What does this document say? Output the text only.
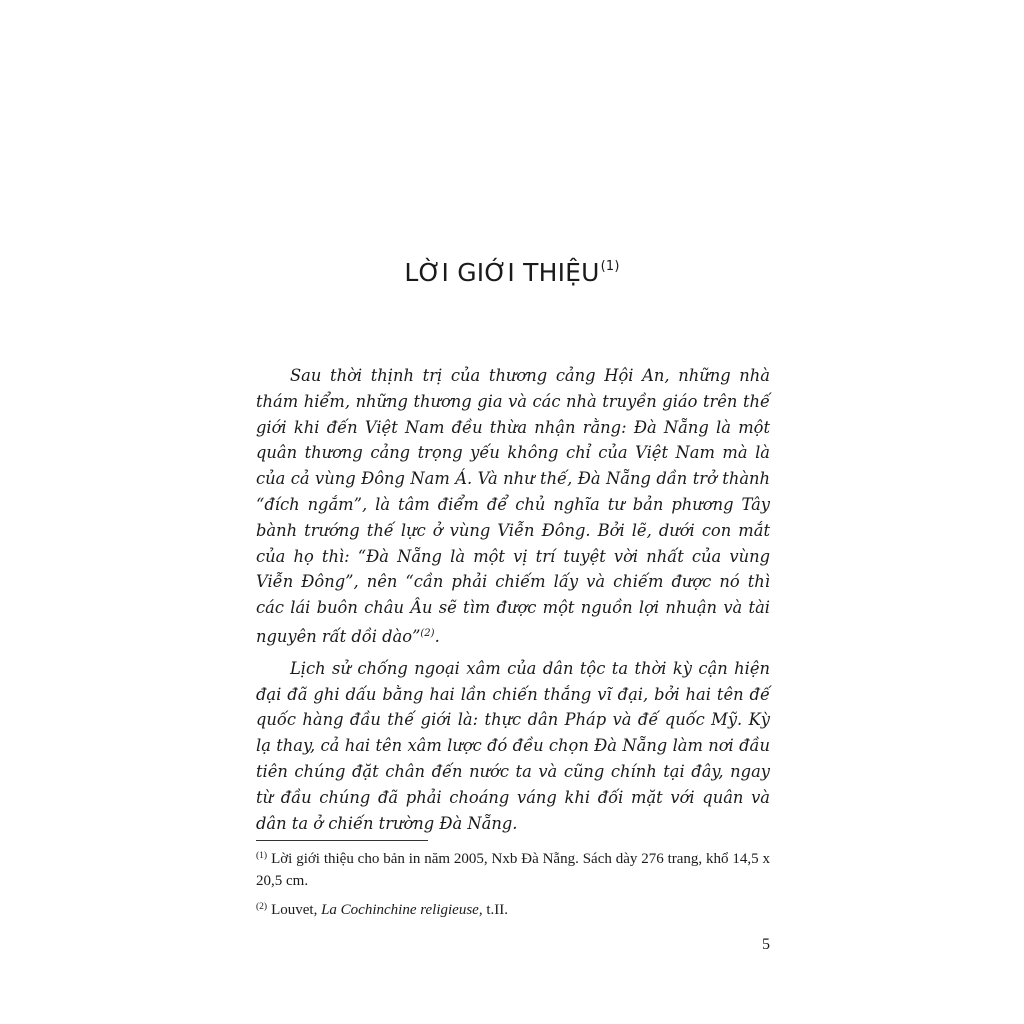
LỜI GIỚI THIỆU$^{(1)}$

Sau thời thịnh trị của thương cảng Hội An, những nhà thám hiểm, những thương gia và các nhà truyền giáo trên thế giới khi đến Việt Nam đều thừa nhận rằng: Đà Nẵng là một quân thương cảng trọng yếu không chỉ của Việt Nam mà là của cả vùng Đông Nam Á. Và như thế, Đà Nẵng dần trở thành “đích ngắm”, là tâm điểm để chủ nghĩa tư bản phương Tây bành trướng thế lực ở vùng Viễn Đông. Bởi lẽ, dưới con mắt của họ thì: “Đà Nẵng là một vị trí tuyệt vời nhất của vùng Viễn Đông”, nên “cần phải chiếm lấy và chiếm được nó thì các lái buôn châu Âu sẽ tìm được một nguồn lợi nhuận và tài nguyên rất dồi dào”$^{(2)}$.

Lịch sử chống ngoại xâm của dân tộc ta thời kỳ cận hiện đại đã ghi dấu bằng hai lần chiến thắng vĩ đại, bởi hai tên đế quốc hàng đầu thế giới là: thực dân Pháp và đế quốc Mỹ. Kỳ lạ thay, cả hai tên xâm lược đó đều chọn Đà Nẵng làm nơi đầu tiên chúng đặt chân đến nước ta và cũng chính tại đây, ngay từ đầu chúng đã phải choáng váng khi đối mặt với quân và dân ta ở chiến trường Đà Nẵng.

$^{(1)}$ Lời giới thiệu cho bản in năm 2005, Nxb Đà Nẵng. Sách dày 276 trang, khổ 14,5 x 20,5 cm.

$^{(2)}$ Louvet, La Cochinchine religieuse, t.II.

5
